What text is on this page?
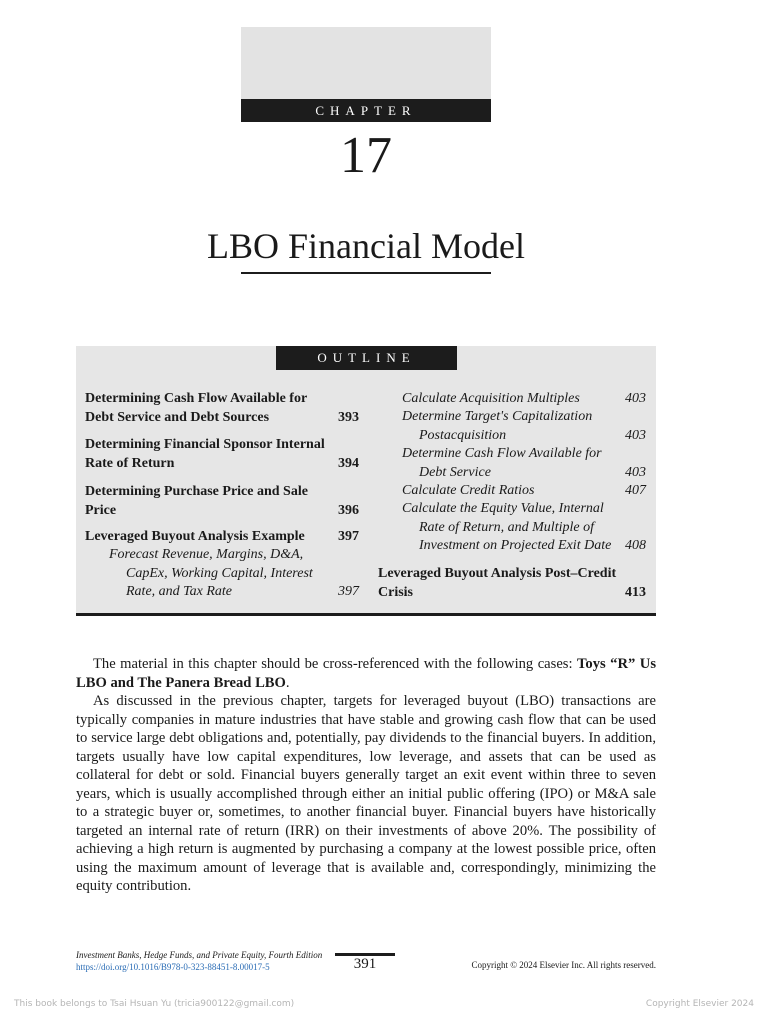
CHAPTER
17
LBO Financial Model
OUTLINE
Determining Cash Flow Available for Debt Service and Debt Sources	393
Determining Financial Sponsor Internal Rate of Return	394
Determining Purchase Price and Sale Price	396
Leveraged Buyout Analysis Example	397
Forecast Revenue, Margins, D&A, CapEx, Working Capital, Interest Rate, and Tax Rate	397
Calculate Acquisition Multiples	403
Determine Target's Capitalization Postacquisition	403
Determine Cash Flow Available for Debt Service	403
Calculate Credit Ratios	407
Calculate the Equity Value, Internal Rate of Return, and Multiple of Investment on Projected Exit Date 408
Leveraged Buyout Analysis Post–Credit Crisis	413

The material in this chapter should be cross-referenced with the following cases: Toys “R” Us LBO and The Panera Bread LBO.

As discussed in the previous chapter, targets for leveraged buyout (LBO) transactions are typically companies in mature industries that have stable and growing cash flow that can be used to service large debt obligations and, potentially, pay dividends to the financial buyers. In addition, targets usually have low capital expenditures, low leverage, and assets that can be used as collateral for debt or sold. Financial buyers generally target an exit event within three to seven years, which is usually accomplished through either an initial public offering (IPO) or M&A sale to a strategic buyer or, sometimes, to another financial buyer. Financial buyers have historically targeted an internal rate of return (IRR) on their investments of above 20%. The possibility of achieving a high return is augmented by purchasing a company at the lowest possible price, often using the maximum amount of leverage that is available and, correspondingly, minimizing the equity contribution.

Investment Banks, Hedge Funds, and Private Equity, Fourth Edition
https://doi.org/10.1016/B978-0-323-88451-8.00017-5	391	Copyright © 2024 Elsevier Inc. All rights reserved.
This book belongs to Tsai Hsuan Yu (tricia900122@gmail.com)	Copyright Elsevier 2024
